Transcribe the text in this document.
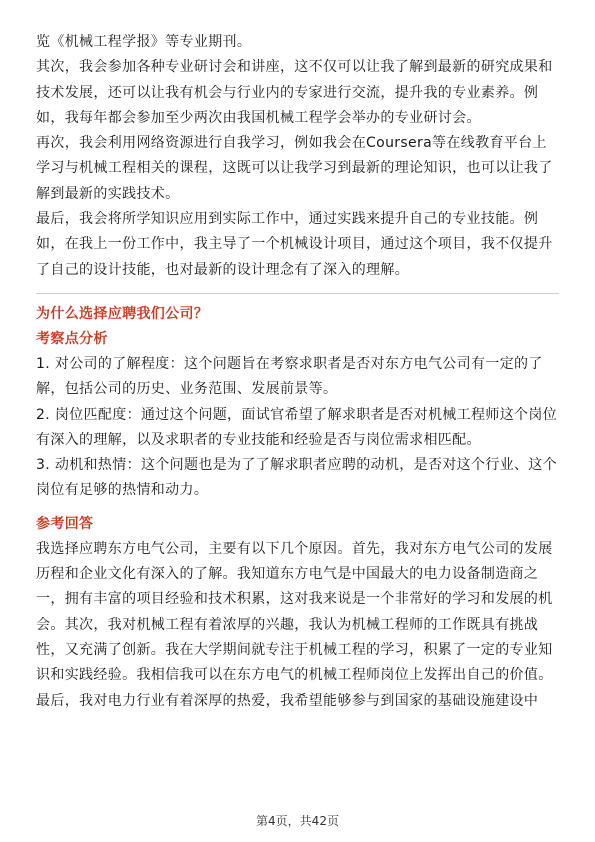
览《机械工程学报》等专业期刊。

其次，我会参加各种专业研讨会和讲座，这不仅可以让我了解到最新的研究成果和技术发展，还可以让我有机会与行业内的专家进行交流，提升我的专业素养。例如，我每年都会参加至少两次由我国机械工程学会举办的专业研讨会。

再次，我会利用网络资源进行自我学习，例如我会在Coursera等在线教育平台上学习与机械工程相关的课程，这既可以让我学习到最新的理论知识，也可以让我了解到最新的实践技术。

最后，我会将所学知识应用到实际工作中，通过实践来提升自己的专业技能。例如，在我上一份工作中，我主导了一个机械设计项目，通过这个项目，我不仅提升了自己的设计技能，也对最新的设计理念有了深入的理解。

为什么选择应聘我们公司？
考察点分析

1. 对公司的了解程度：这个问题旨在考察求职者是否对东方电气公司有一定的了解，包括公司的历史、业务范围、发展前景等。

2. 岗位匹配度：通过这个问题，面试官希望了解求职者是否对机械工程师这个岗位有深入的理解，以及求职者的专业技能和经验是否与岗位需求相匹配。

3. 动机和热情：这个问题也是为了了解求职者应聘的动机，是否对这个行业、这个岗位有足够的热情和动力。

参考回答

我选择应聘东方电气公司，主要有以下几个原因。首先，我对东方电气公司的发展历程和企业文化有深入的了解。我知道东方电气是中国最大的电力设备制造商之一，拥有丰富的项目经验和技术积累，这对我来说是一个非常好的学习和发展的机会。其次，我对机械工程有着浓厚的兴趣，我认为机械工程师的工作既具有挑战性，又充满了创新。我在大学期间就专注于机械工程的学习，积累了一定的专业知识和实践经验。我相信我可以在东方电气的机械工程师岗位上发挥出自己的价值。最后，我对电力行业有着深厚的热爱，我希望能够参与到国家的基础设施建设中

第4页，共42页
